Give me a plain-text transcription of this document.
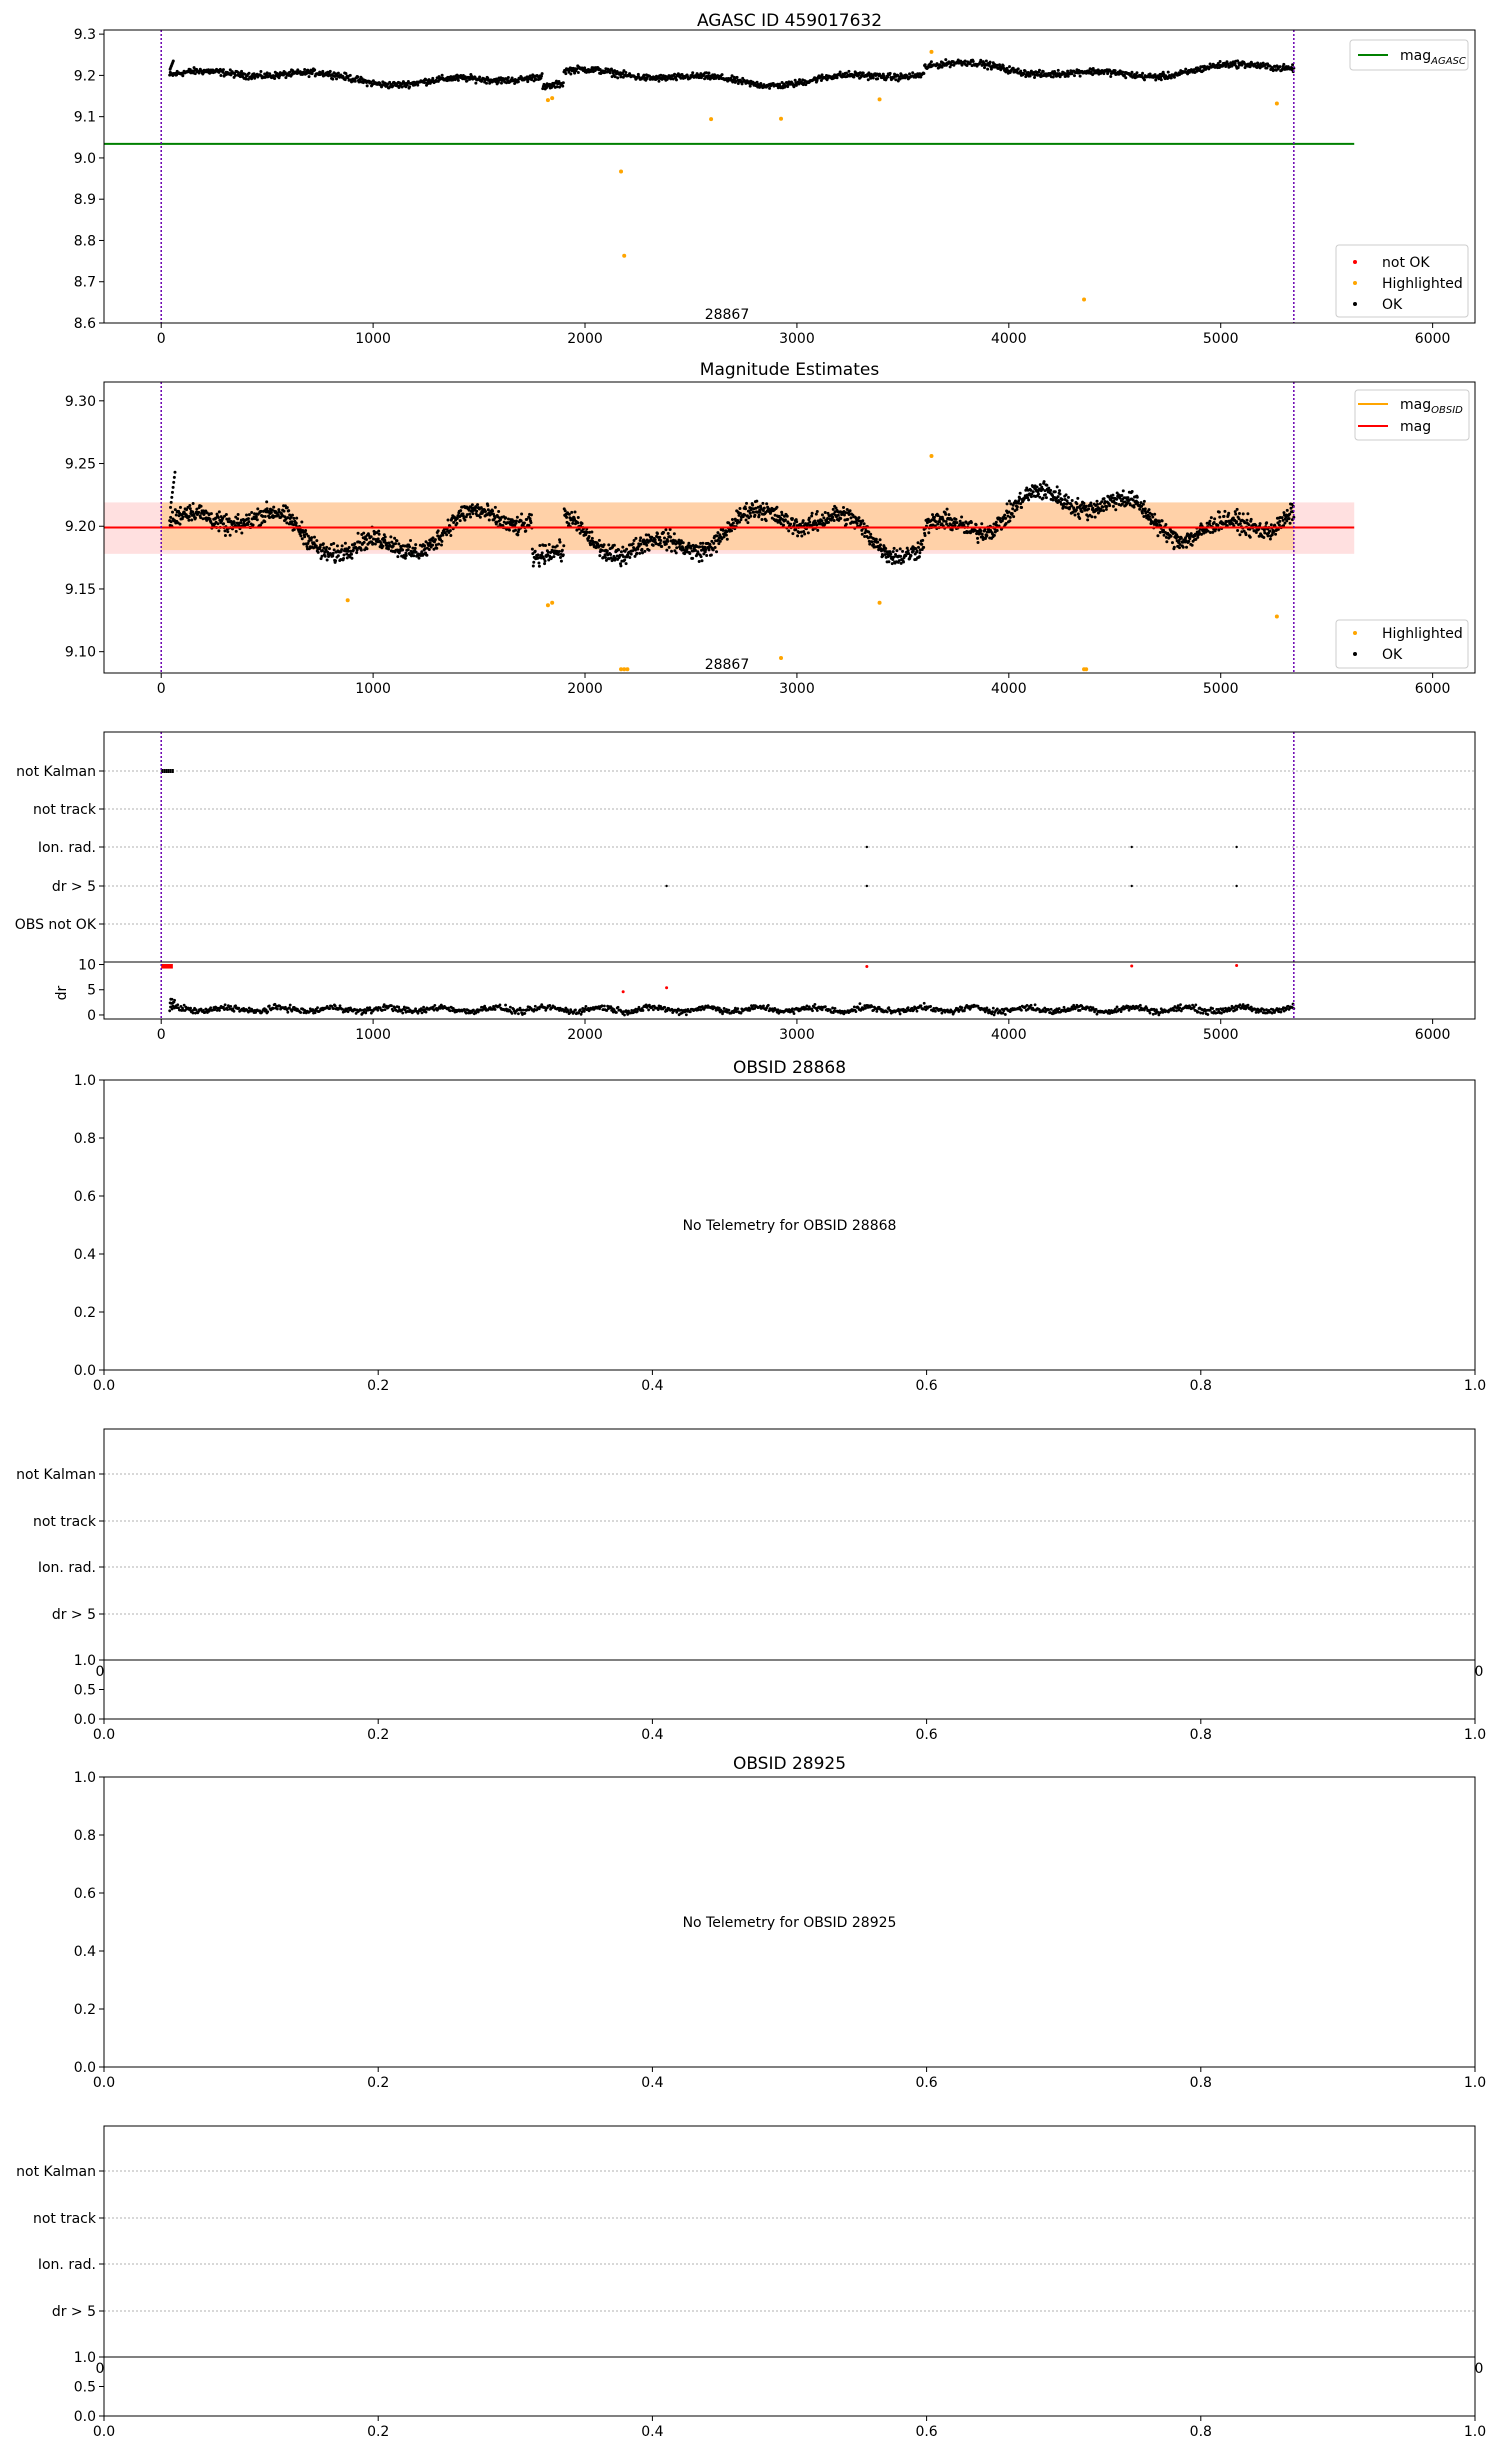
AGASC ID 459017632
28867
0	1000	2000	3000	4000	5000	6000
8.6
8.7
8.8
8.9
9.0
9.1
9.2
9.3
mag$_{AGASC}$
not OK
Highlighted
OK
Magnitude Estimates
28867
0	1000	2000	3000	4000	5000	6000
9.10
9.15
9.20
9.25
9.30	mag$_{OBSID}$
mag
Highlighted
OK
not Kalman
not track
Ion. rad.
dr > 5
OBS not OK
0
5
10
dr
0	1000	2000	3000	4000	5000	6000
OBSID 28868
No Telemetry for OBSID 28868
0.0	0.2	0.4	0.6	0.8	1.0
0.0
0.2
0.4
0.6
0.8
1.0
not Kalman
not track
Ion. rad.
dr > 5
0	0
0.0	0.2	0.4	0.6	0.8	1.0
0.0
0.5
1.0
OBSID 28925
No Telemetry for OBSID 28925
0.0	0.2	0.4	0.6	0.8	1.0
0.0
0.2
0.4
0.6
0.8
1.0
not Kalman
not track
Ion. rad.
dr > 5
0	0
0.0	0.2	0.4	0.6	0.8	1.0
0.0
0.5
1.0
